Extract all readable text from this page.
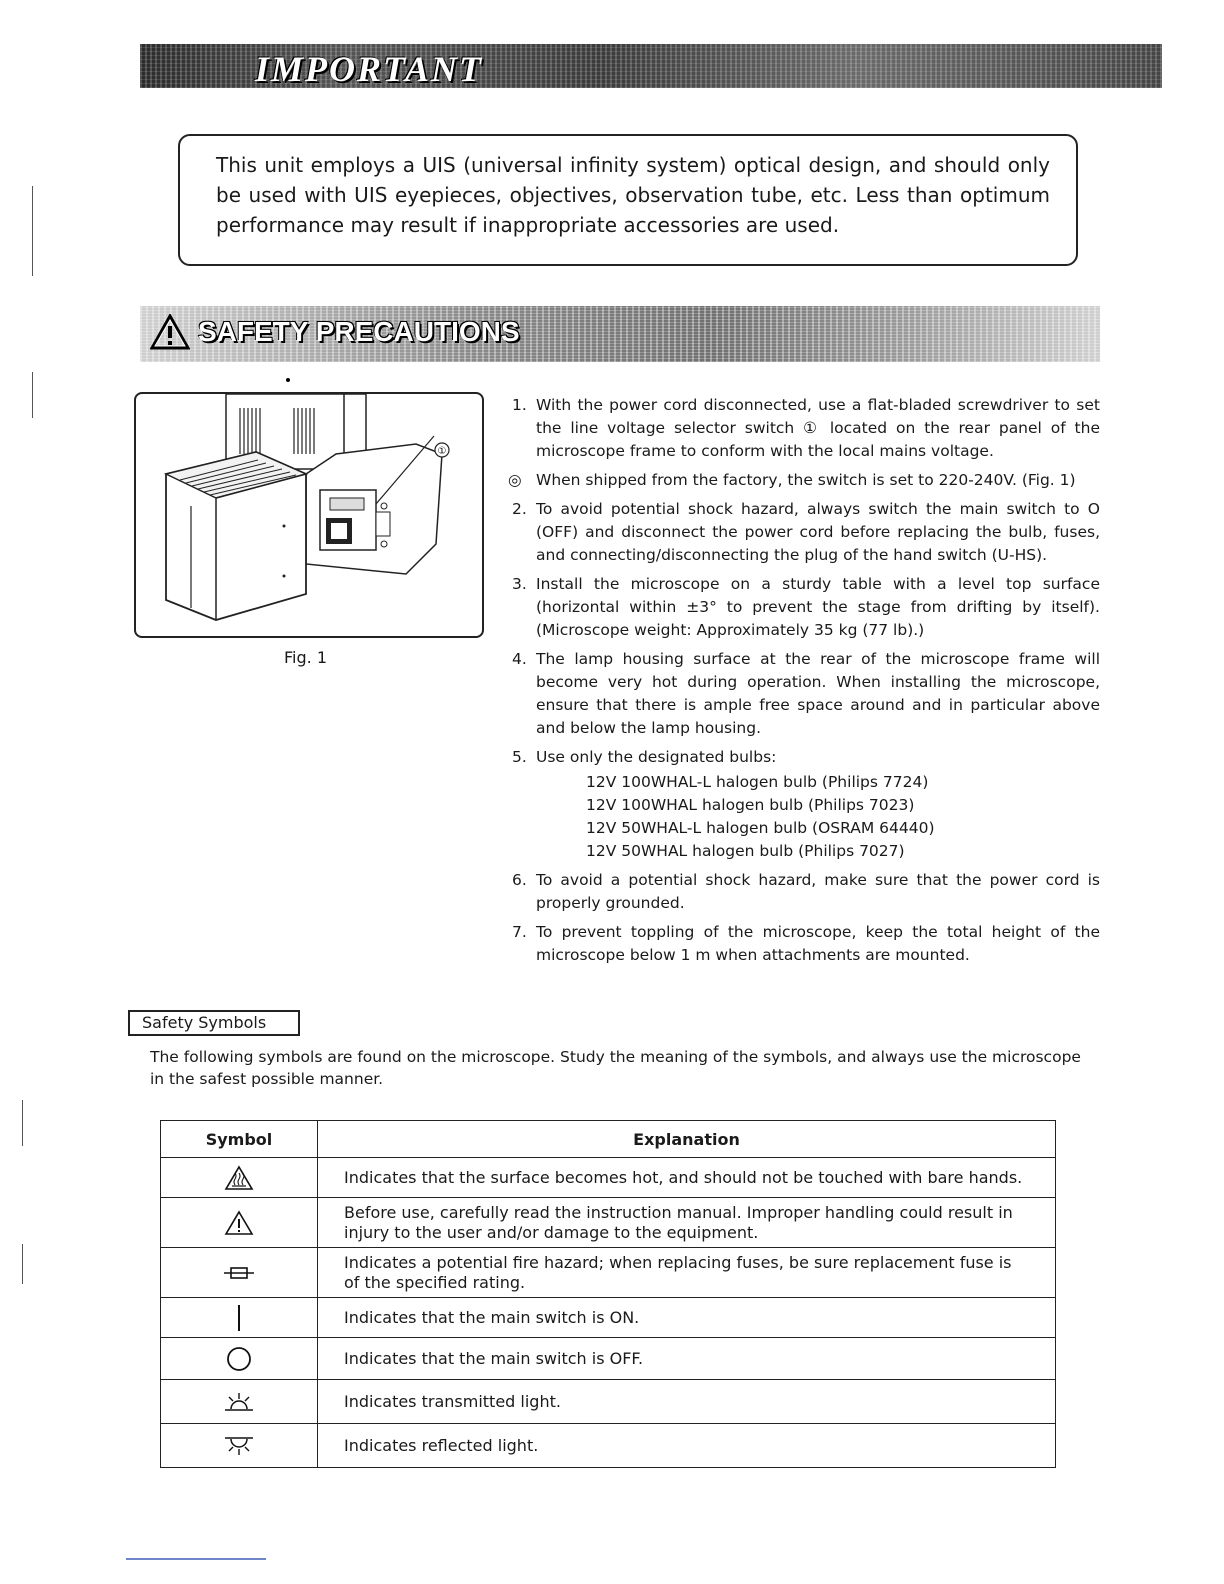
IMPORTANT
This unit employs a UIS (universal infinity system) optical design, and should only be used with UIS eyepieces, objectives, observation tube, etc. Less than optimum performance may result if inappropriate accessories are used.
SAFETY PRECAUTIONS
①
Fig. 1
1. With the power cord disconnected, use a flat-bladed screwdriver to set the line voltage selector switch ① located on the rear panel of the microscope frame to conform with the local mains voltage.
◎ When shipped from the factory, the switch is set to 220-240V. (Fig. 1)
2. To avoid potential shock hazard, always switch the main switch to O (OFF) and disconnect the power cord before replacing the bulb, fuses, and connecting/disconnecting the plug of the hand switch (U-HS).
3. Install the microscope on a sturdy table with a level top surface (horizontal within ±3° to prevent the stage from drifting by itself). (Microscope weight: Approximately 35 kg (77 lb).)
4. The lamp housing surface at the rear of the microscope frame will become very hot during operation. When installing the microscope, ensure that there is ample free space around and in particular above and below the lamp housing.
5. Use only the designated bulbs:
12V 100WHAL-L halogen bulb (Philips 7724)
12V 100WHAL halogen bulb (Philips 7023)
12V 50WHAL-L halogen bulb (OSRAM 64440)
12V 50WHAL halogen bulb (Philips 7027)
6. To avoid a potential shock hazard, make sure that the power cord is properly grounded.
7. To prevent toppling of the microscope, keep the total height of the microscope below 1 m when attachments are mounted.
Safety Symbols
The following symbols are found on the microscope. Study the meaning of the symbols, and always use the microscope in the safest possible manner.
Symbol	Explanation

	Indicates that the surface becomes hot, and should not be touched with bare hands.

	Before use, carefully read the instruction manual. Improper handling could result in injury to the user and/or damage to the equipment.

	Indicates a potential fire hazard; when replacing fuses, be sure replacement fuse is of the specified rating.

	Indicates that the main switch is ON.

	Indicates that the main switch is OFF.

	Indicates transmitted light.

	Indicates reflected light.
